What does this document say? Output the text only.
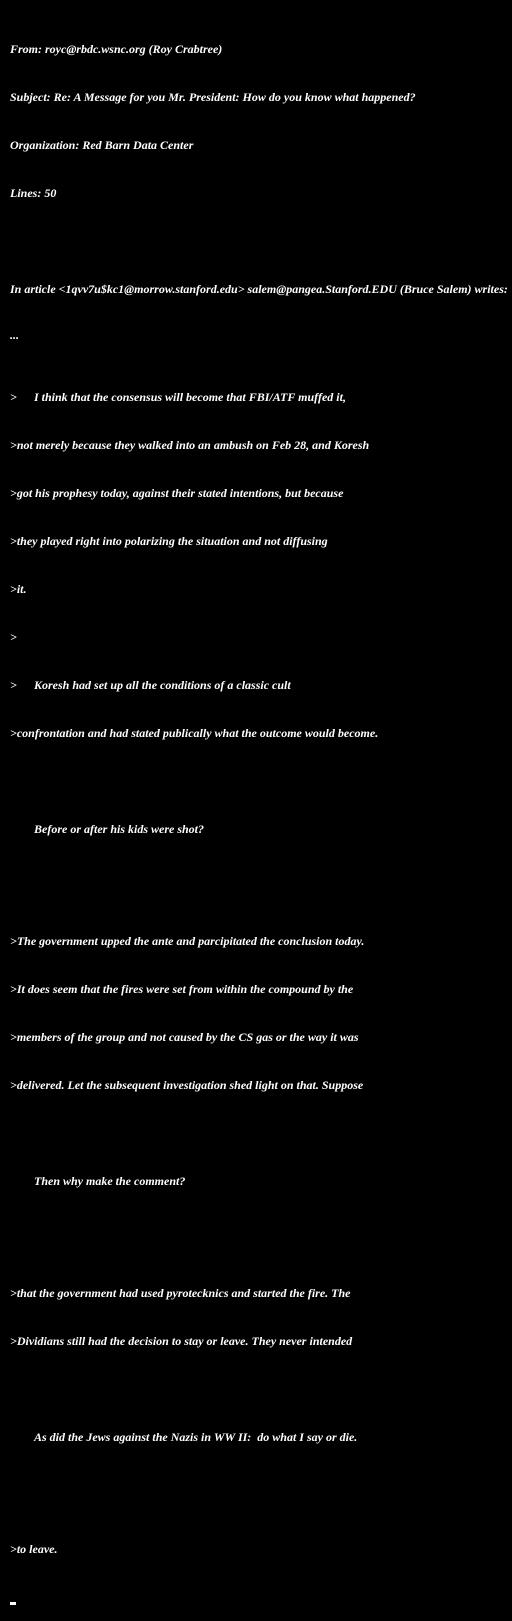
From: royc@rbdc.wsnc.org (Roy Crabtree)

Subject: Re: A Message for you Mr. President: How do you know what happened?

Organization: Red Barn Data Center

Lines: 50

In article <1qvv7u$kc1@morrow.stanford.edu> salem@pangea.Stanford.EDU (Bruce Salem) writes:

...

>	I think that the consensus will become that FBI/ATF muffed it,

>not merely because they walked into an ambush on Feb 28, and Koresh

>got his prophesy today, against their stated intentions, but because

>they played right into polarizing the situation and not diffusing

>it.

>

>	Koresh had set up all the conditions of a classic cult

>confrontation and had stated publically what the outcome would become.

	Before or after his kids were shot?

>The government upped the ante and parcipitated the conclusion today.

>It does seem that the fires were set from within the compound by the

>members of the group and not caused by the CS gas or the way it was

>delivered. Let the subsequent investigation shed light on that. Suppose

	Then why make the comment?

>that the government had used pyrotecknics and started the fire. The

>Dividians still had the decision to stay or leave. They never intended

	As did the Jews against the Nazis in WW II:  do what I say or die.

>to leave.
